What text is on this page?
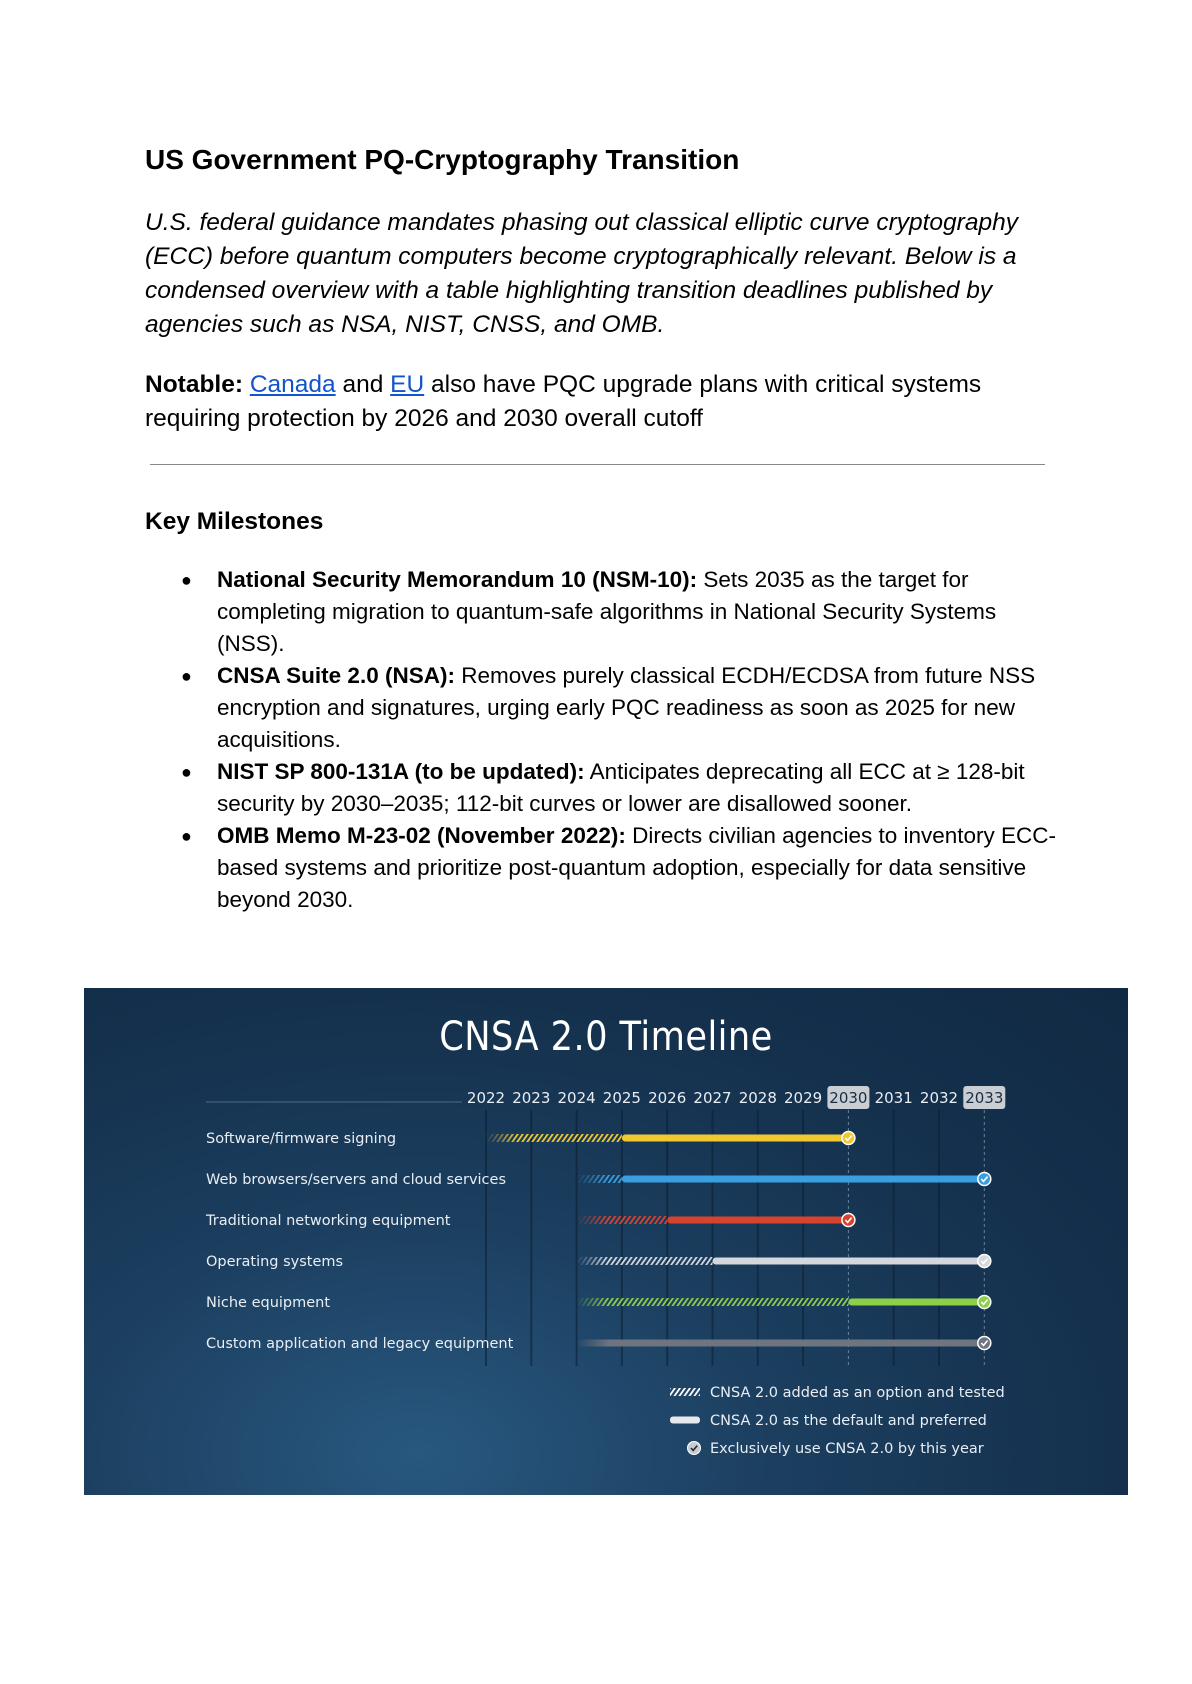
US Government PQ-Cryptography Transition

U.S. federal guidance mandates phasing out classical elliptic curve cryptography (ECC) before quantum computers become cryptographically relevant. Below is a condensed overview with a table highlighting transition deadlines published by agencies such as NSA, NIST, CNSS, and OMB.

Notable: Canada and EU also have PQC upgrade plans with critical systems requiring protection by 2026 and 2030 overall cutoff

Key Milestones
● National Security Memorandum 10 (NSM-10): Sets 2035 as the target for completing migration to quantum-safe algorithms in National Security Systems (NSS).
● CNSA Suite 2.0 (NSA): Removes purely classical ECDH/ECDSA from future NSS encryption and signatures, urging early PQC readiness as soon as 2025 for new acquisitions.
● NIST SP 800-131A (to be updated): Anticipates deprecating all ECC at ≥ 128-bit security by 2030–2035; 112-bit curves or lower are disallowed sooner.
● OMB Memo M-23-02 (November 2022): Directs civilian agencies to inventory ECC-based systems and prioritize post-quantum adoption, especially for data sensitive beyond 2030.
CNSA 2.0 Timeline
2022 2023 2024 2025 2026 2027 2028 2029 2030 2031 2032 2033
Software/firmware signing
Web browsers/servers and cloud services
Traditional networking equipment
Operating systems
Niche equipment
Custom application and legacy equipment
CNSA 2.0 added as an option and tested
CNSA 2.0 as the default and preferred
Exclusively use CNSA 2.0 by this year
